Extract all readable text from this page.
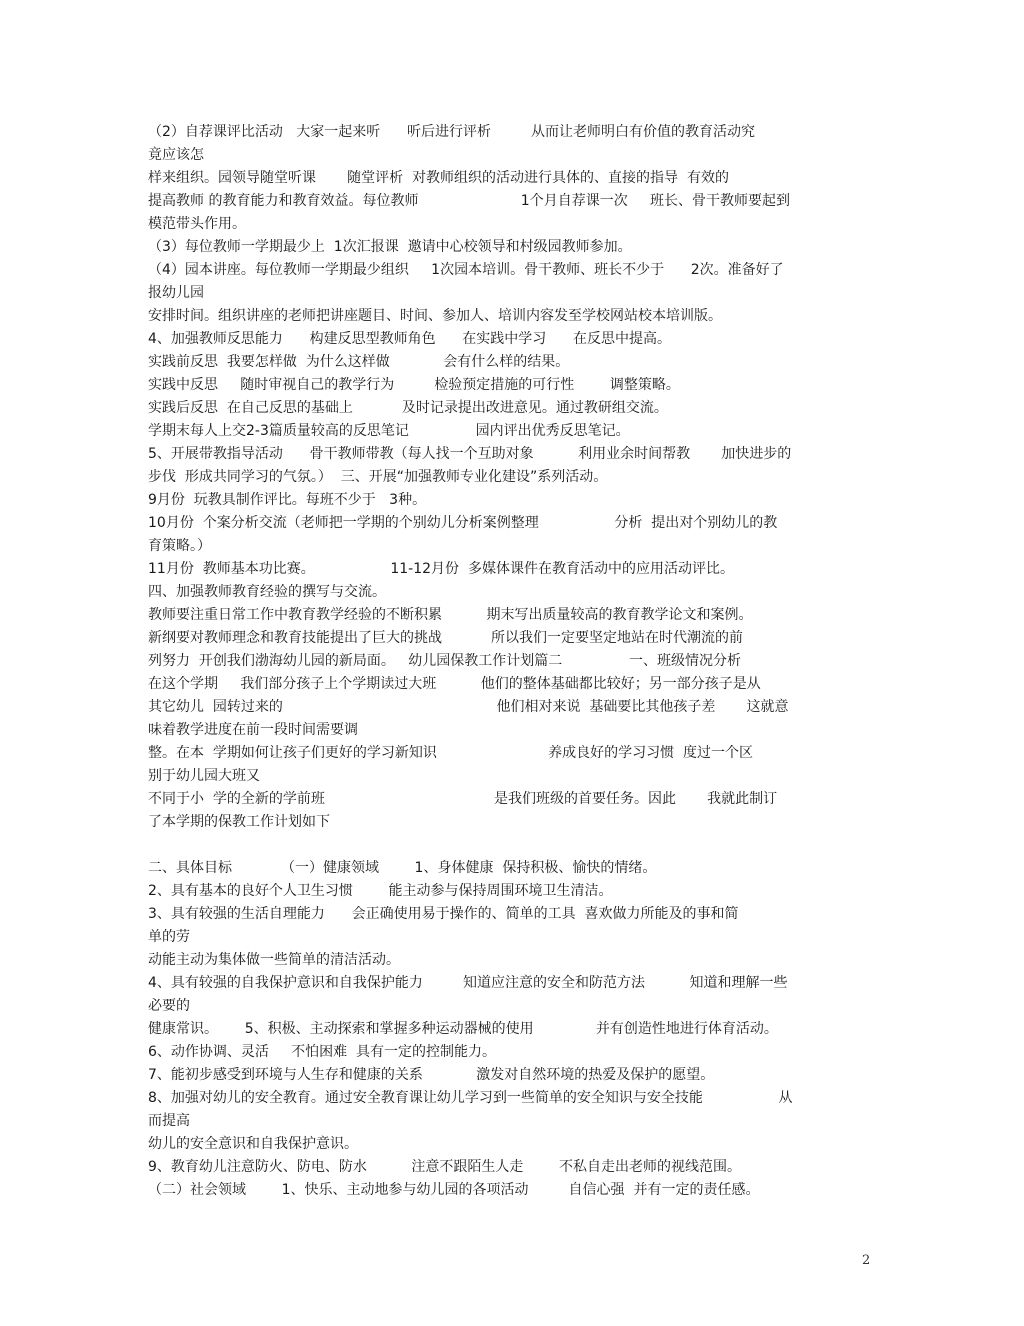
（2）自荐课评比活动   大家一起来听      听后进行评析         从而让老师明白有价值的教育活动究
竟应该怎
样来组织。园领导随堂听课       随堂评析  对教师组织的活动进行具体的、直接的指导  有效的
提高教师 的教育能力和教育效益。每位教师                       1个月自荐课一次     班长、骨干教师要起到
模范带头作用。
（3）每位教师一学期最少上  1次汇报课  邀请中心校领导和村级园教师参加。
（4）园本讲座。每位教师一学期最少组织     1次园本培训。骨干教师、班长不少于      2次。准备好了
报幼儿园
安排时间。组织讲座的老师把讲座题目、时间、参加人、培训内容发至学校网站校本培训版。
4、加强教师反思能力      构建反思型教师角色      在实践中学习      在反思中提高。
实践前反思  我要怎样做  为什么这样做            会有什么样的结果。
实践中反思     随时审视自己的教学行为         检验预定措施的可行性        调整策略。
实践后反思  在自己反思的基础上           及时记录提出改进意见。通过教研组交流。
学期末每人上交2-3篇质量较高的反思笔记               园内评出优秀反思笔记。
5、开展带教指导活动      骨干教师带教（每人找一个互助对象          利用业余时间帮教       加快进步的
步伐  形成共同学习的气氛。）  三、开展“加强教师专业化建设”系列活动。
9月份  玩教具制作评比。每班不少于   3种。
10月份  个案分析交流（老师把一学期的个别幼儿分析案例整理                 分析  提出对个别幼儿的教
育策略。）
11月份  教师基本功比赛。                 11-12月份  多媒体课件在教育活动中的应用活动评比。
四、加强教师教育经验的撰写与交流。
教师要注重日常工作中教育教学经验的不断积累          期末写出质量较高的教育教学论文和案例。
新纲要对教师理念和教育技能提出了巨大的挑战           所以我们一定要坚定地站在时代潮流的前
列努力  开创我们渤海幼儿园的新局面。   幼儿园保教工作计划篇二               一、班级情况分析
在这个学期     我们部分孩子上个学期读过大班          他们的整体基础都比较好；另一部分孩子是从
其它幼儿  园转过来的                                                他们相对来说  基础要比其他孩子差       这就意
味着教学进度在前一段时间需要调
整。在本  学期如何让孩子们更好的学习新知识                         养成良好的学习习惯  度过一个区
别于幼儿园大班又
不同于小  学的全新的学前班                                      是我们班级的首要任务。因此       我就此制订
了本学期的保教工作计划如下
二、具体目标           （一）健康领域        1、身体健康  保持积极、愉快的情绪。
2、具有基本的良好个人卫生习惯        能主动参与保持周围环境卫生清洁。
3、具有较强的生活自理能力      会正确使用易于操作的、简单的工具  喜欢做力所能及的事和简
单的劳
动能主动为集体做一些简单的清洁活动。
4、具有较强的自我保护意识和自我保护能力         知道应注意的安全和防范方法          知道和理解一些
必要的
健康常识。      5、积极、主动探索和掌握多种运动器械的使用              并有创造性地进行体育活动。
6、动作协调、灵活     不怕困难  具有一定的控制能力。
7、能初步感受到环境与人生存和健康的关系            激发对自然环境的热爱及保护的愿望。
8、加强对幼儿的安全教育。通过安全教育课让幼儿学习到一些简单的安全知识与安全技能                 从
而提高
幼儿的安全意识和自我保护意识。
9、教育幼儿注意防火、防电、防水          注意不跟陌生人走        不私自走出老师的视线范围。
（二）社会领域        1、快乐、主动地参与幼儿园的各项活动         自信心强  并有一定的责任感。
2
